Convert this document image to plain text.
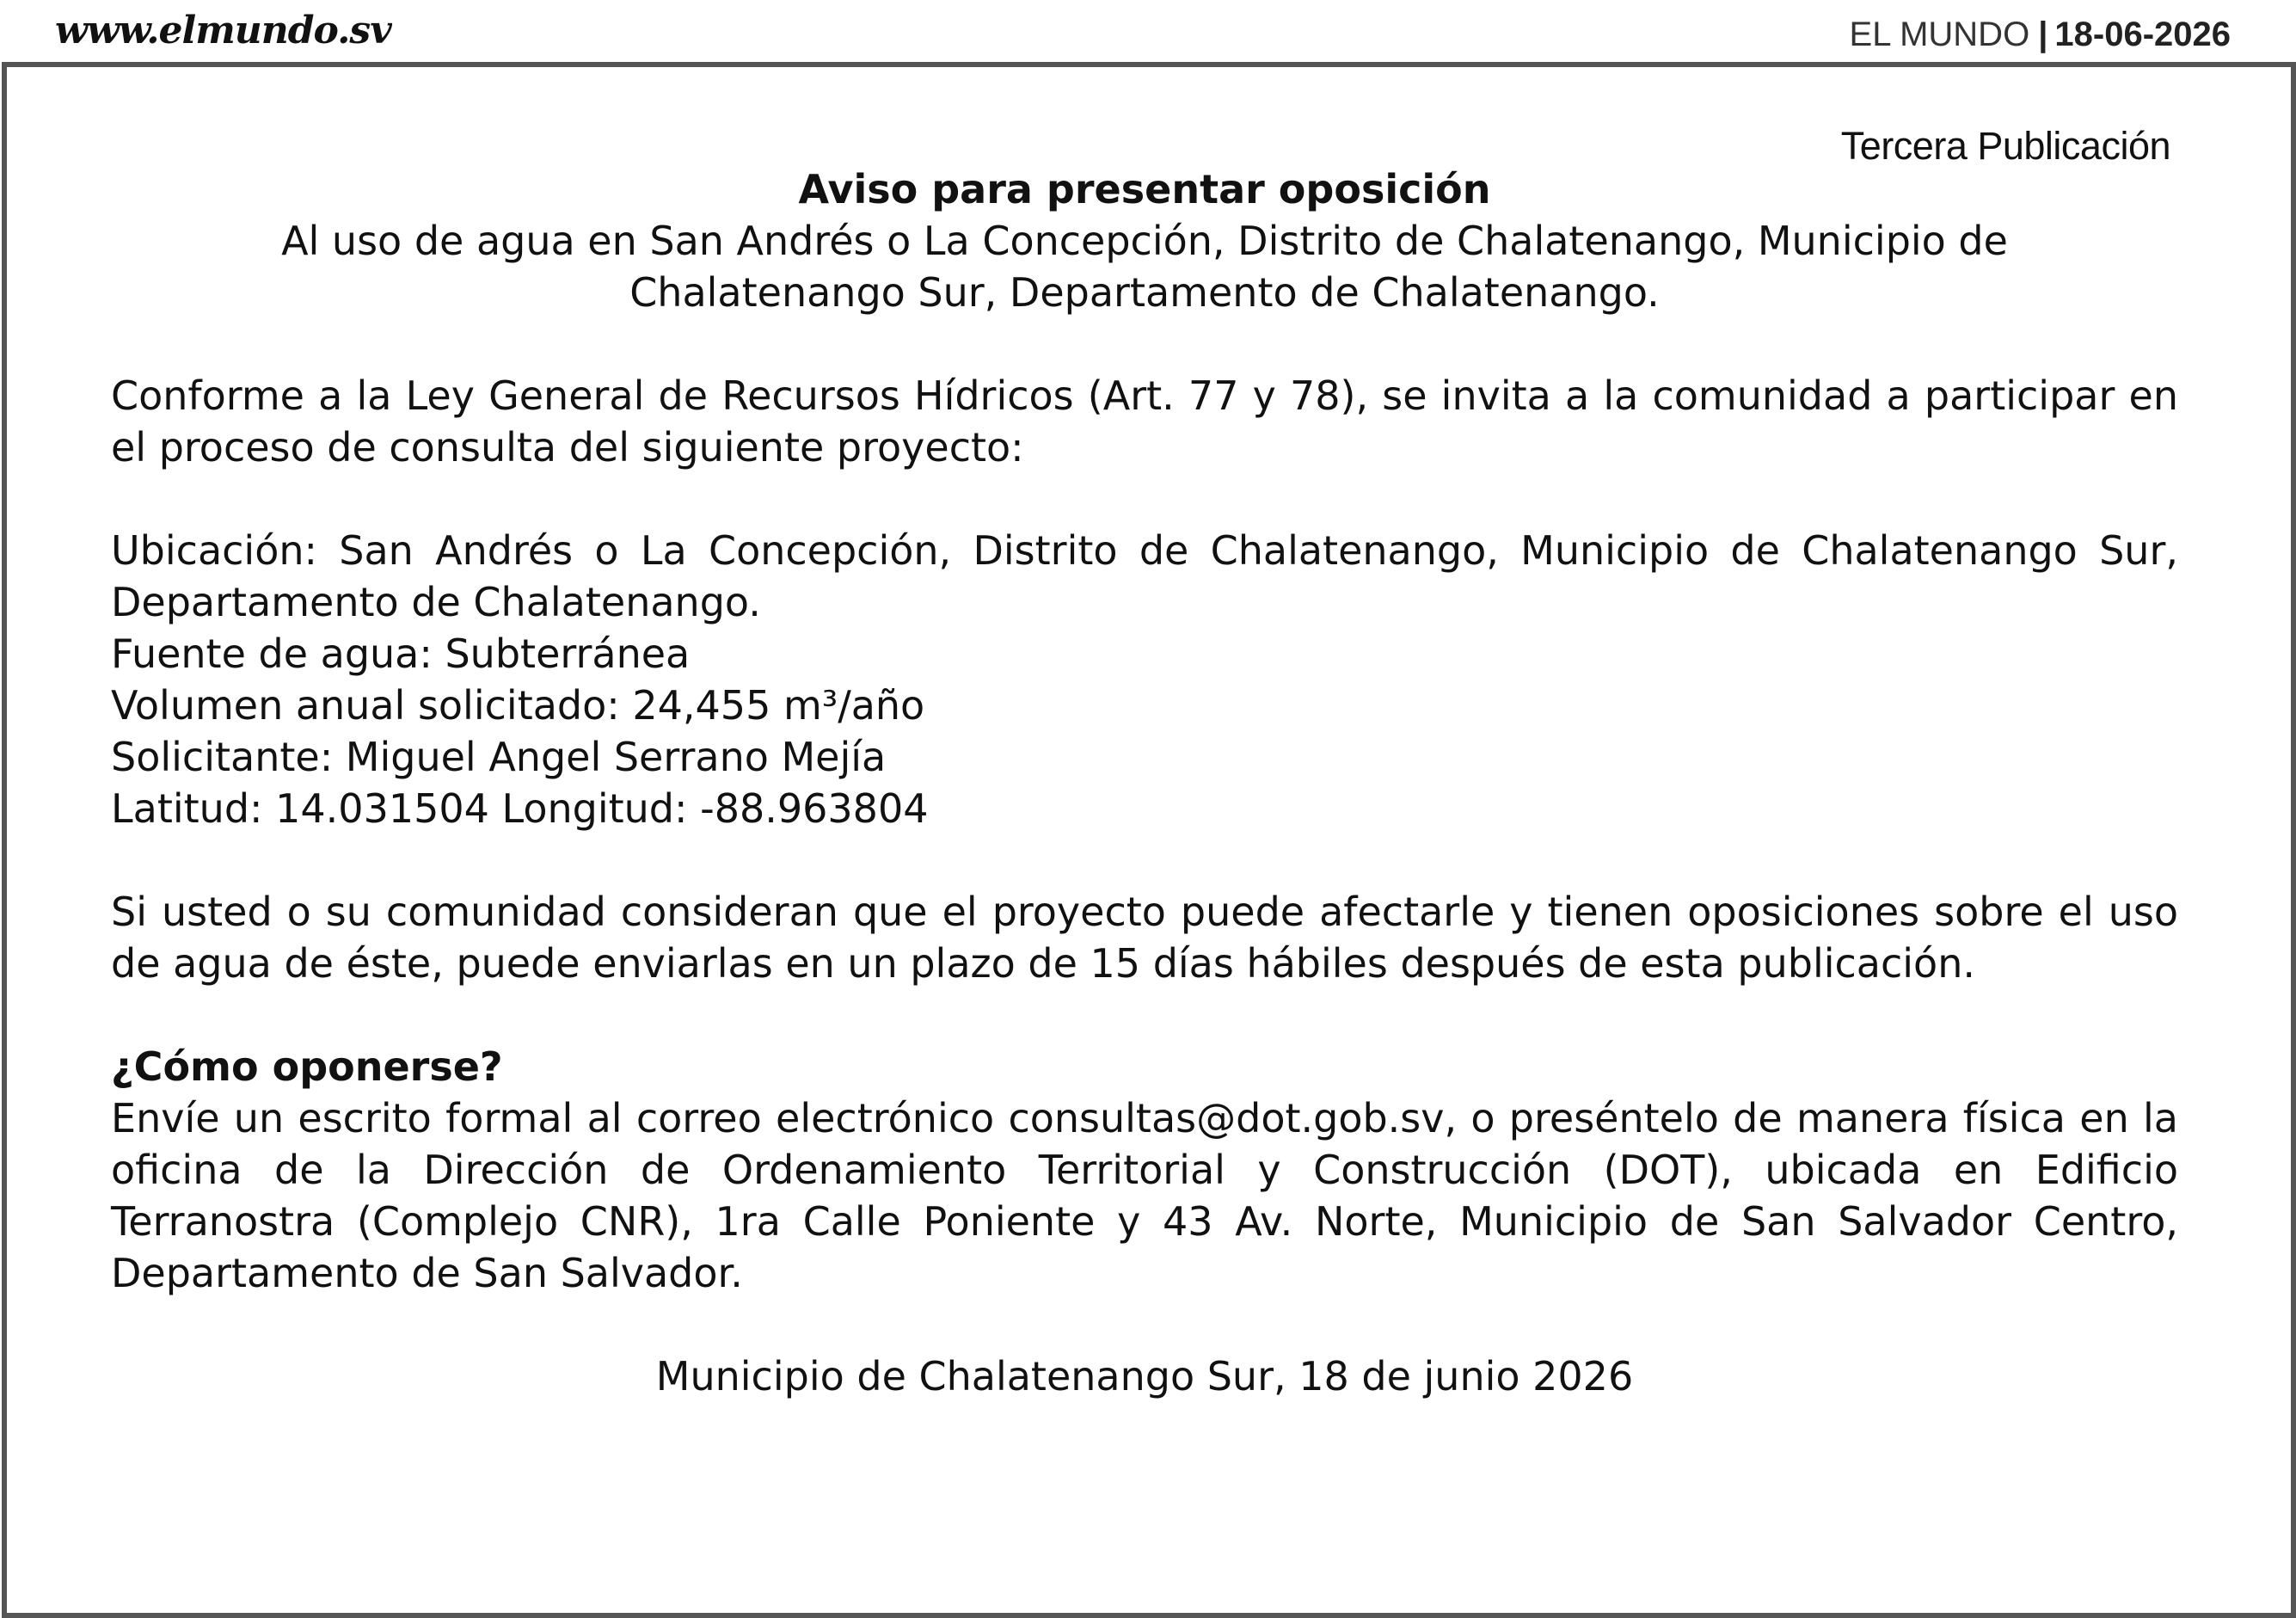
www.elmundo.sv	EL MUNDO | 18-06-2026
Tercera Publicación
Aviso para presentar oposición
Al uso de agua en San Andrés o La Concepción, Distrito de Chalatenango, Municipio de
Chalatenango Sur, Departamento de Chalatenango.

Conforme a la Ley General de Recursos Hídricos (Art. 77 y 78), se invita a la comunidad a participar en el proceso de consulta del siguiente proyecto:

Ubicación: San Andrés o La Concepción, Distrito de Chalatenango, Municipio de Chalatenango Sur, Departamento de Chalatenango.

Fuente de agua: Subterránea

Volumen anual solicitado: 24,455 m³/año

Solicitante: Miguel Angel Serrano Mejía

Latitud: 14.031504 Longitud: -88.963804

Si usted o su comunidad consideran que el proyecto puede afectarle y tienen oposiciones sobre el uso de agua de éste, puede enviarlas en un plazo de 15 días hábiles después de esta publicación.

¿Cómo oponerse?

Envíe un escrito formal al correo electrónico consultas@dot.gob.sv, o preséntelo de manera física en la oficina de la Dirección de Ordenamiento Territorial y Construcción (DOT), ubicada en Edificio Terranostra (Complejo CNR), 1ra Calle Poniente y 43 Av. Norte, Municipio de San Salvador Centro, Departamento de San Salvador.

Municipio de Chalatenango Sur, 18 de junio 2026
